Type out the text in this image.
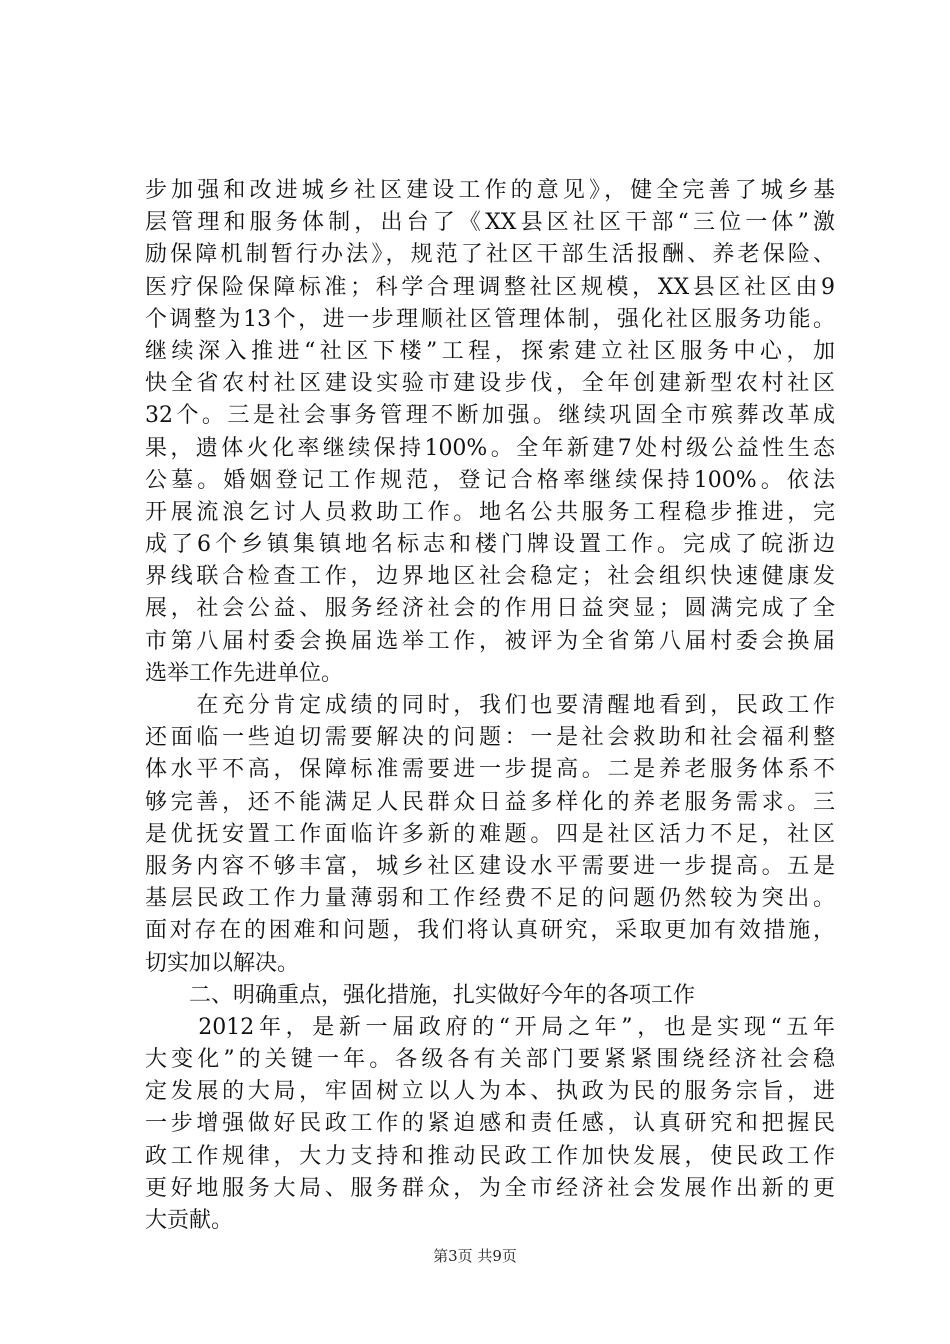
步加强和改进城乡社区建设工作的意见》，健全完善了城乡基
层管理和服务体制，出台了《XX县区社区干部“三位一体”激
励保障机制暂行办法》，规范了社区干部生活报酬、养老保险、
医疗保险保障标准；科学合理调整社区规模，XX县区社区由9
个调整为13个，进一步理顺社区管理体制，强化社区服务功能。
继续深入推进“社区下楼”工程，探索建立社区服务中心，加
快全省农村社区建设实验市建设步伐，全年创建新型农村社区
32个。三是社会事务管理不断加强。继续巩固全市殡葬改革成
果，遗体火化率继续保持100%。全年新建7处村级公益性生态
公墓。婚姻登记工作规范，登记合格率继续保持100%。依法
开展流浪乞讨人员救助工作。地名公共服务工程稳步推进，完
成了6个乡镇集镇地名标志和楼门牌设置工作。完成了皖浙边
界线联合检查工作，边界地区社会稳定；社会组织快速健康发
展，社会公益、服务经济社会的作用日益突显；圆满完成了全
市第八届村委会换届选举工作，被评为全省第八届村委会换届
选举工作先进单位。
　　在充分肯定成绩的同时，我们也要清醒地看到，民政工作
还面临一些迫切需要解决的问题：一是社会救助和社会福利整
体水平不高，保障标准需要进一步提高。二是养老服务体系不
够完善，还不能满足人民群众日益多样化的养老服务需求。三
是优抚安置工作面临许多新的难题。四是社区活力不足，社区
服务内容不够丰富，城乡社区建设水平需要进一步提高。五是
基层民政工作力量薄弱和工作经费不足的问题仍然较为突出。
面对存在的困难和问题，我们将认真研究，采取更加有效措施，
切实加以解决。
　　二、明确重点，强化措施，扎实做好今年的各项工作
　　2012年，是新一届政府的“开局之年”，也是实现“五年
大变化”的关键一年。各级各有关部门要紧紧围绕经济社会稳
定发展的大局，牢固树立以人为本、执政为民的服务宗旨，进
一步增强做好民政工作的紧迫感和责任感，认真研究和把握民
政工作规律，大力支持和推动民政工作加快发展，使民政工作
更好地服务大局、服务群众，为全市经济社会发展作出新的更
大贡献。
第3页 共9页
